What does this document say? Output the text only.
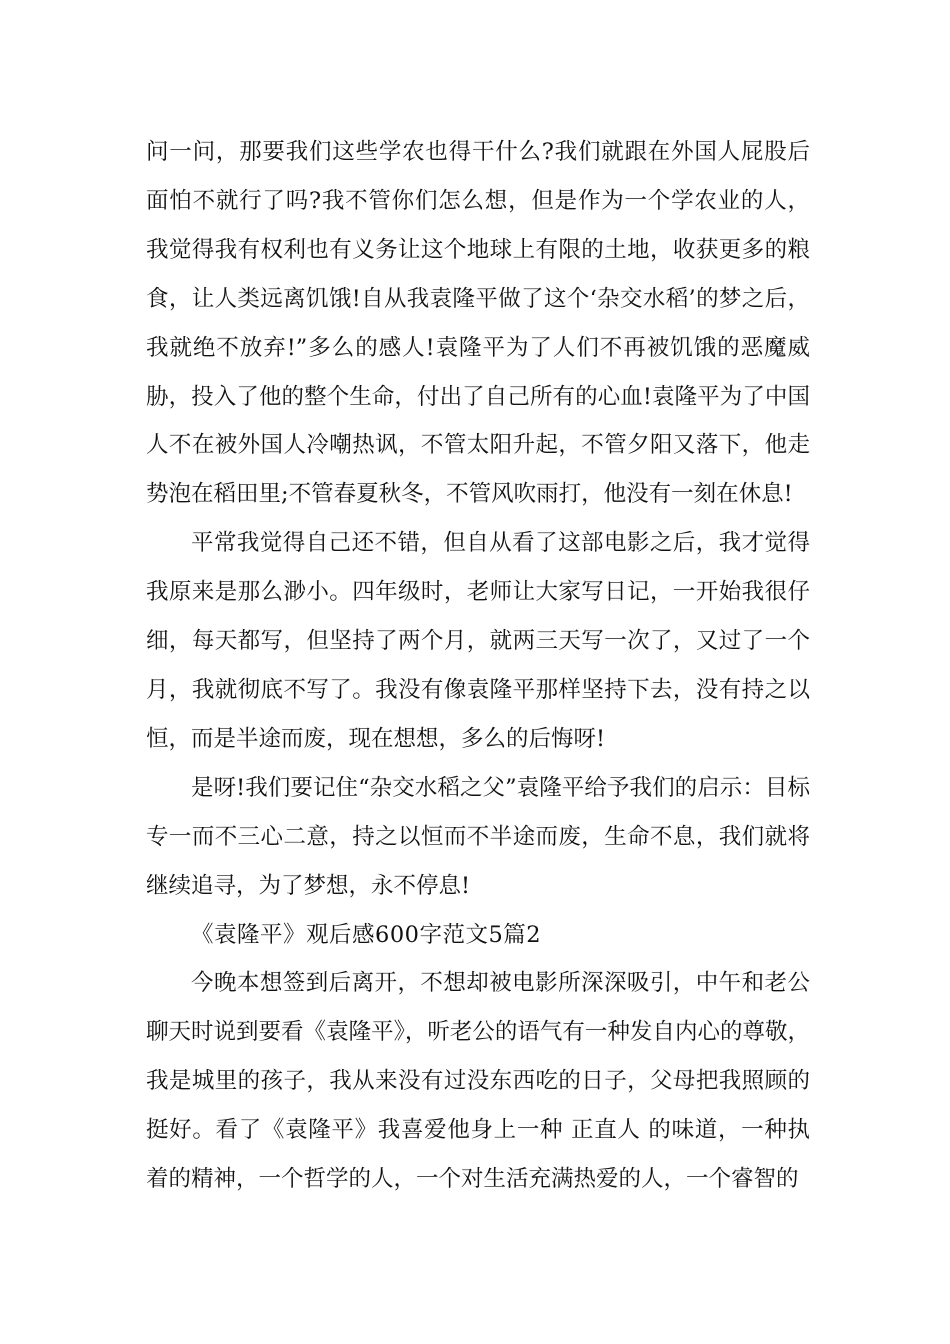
问一问，那要我们这些学农也得干什么?我们就跟在外国人屁股后面怕不就行了吗?我不管你们怎么想，但是作为一个学农业的人，我觉得我有权利也有义务让这个地球上有限的土地，收获更多的粮食，让人类远离饥饿!自从我袁隆平做了这个‘杂交水稻’的梦之后，我就绝不放弃!”多么的感人!袁隆平为了人们不再被饥饿的恶魔威胁，投入了他的整个生命，付出了自己所有的心血!袁隆平为了中国人不在被外国人冷嘲热讽，不管太阳升起，不管夕阳又落下，他走势泡在稻田里;不管春夏秋冬，不管风吹雨打，他没有一刻在休息!

平常我觉得自己还不错，但自从看了这部电影之后，我才觉得我原来是那么渺小。四年级时，老师让大家写日记，一开始我很仔细，每天都写，但坚持了两个月，就两三天写一次了，又过了一个月，我就彻底不写了。我没有像袁隆平那样坚持下去，没有持之以恒，而是半途而废，现在想想，多么的后悔呀!

是呀!我们要记住“杂交水稻之父”袁隆平给予我们的启示：目标专一而不三心二意，持之以恒而不半途而废，生命不息，我们就将继续追寻，为了梦想，永不停息!

《袁隆平》观后感600字范文5篇2

今晚本想签到后离开，不想却被电影所深深吸引，中午和老公聊天时说到要看《袁隆平》，听老公的语气有一种发自内心的尊敬，我是城里的孩子，我从来没有过没东西吃的日子，父母把我照顾的挺好。看了《袁隆平》我喜爱他身上一种 正直人 的味道，一种执着的精神，一个哲学的人，一个对生活充满热爱的人，一个睿智的
